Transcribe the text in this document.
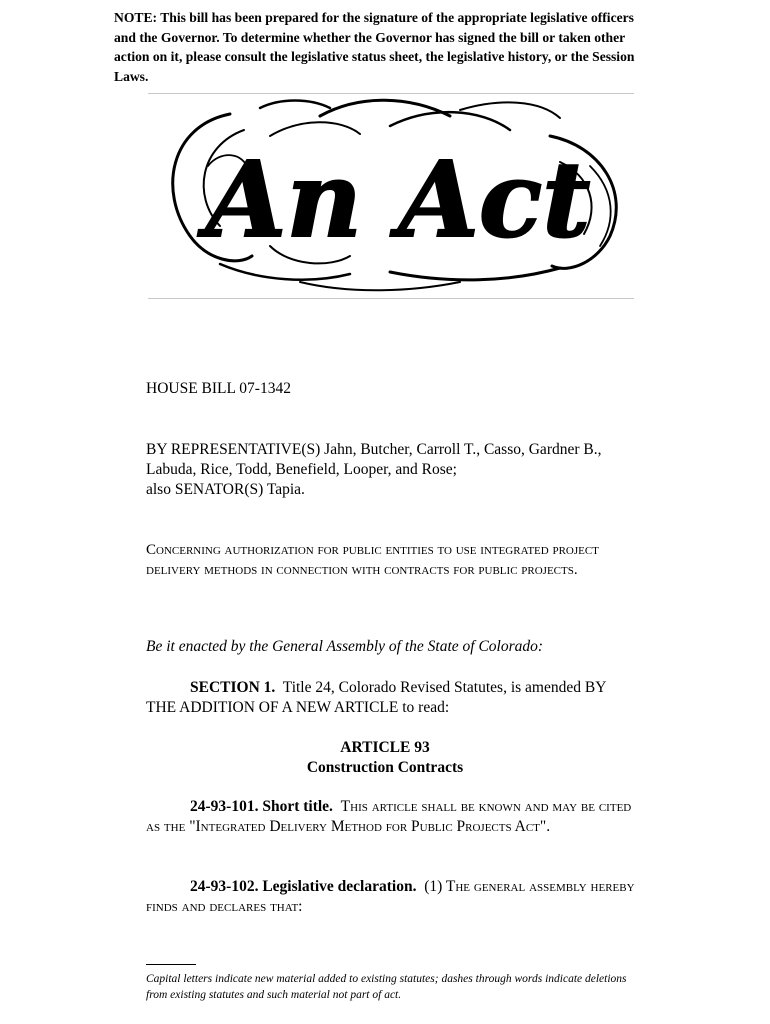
NOTE: This bill has been prepared for the signature of the appropriate legislative officers and the Governor. To determine whether the Governor has signed the bill or taken other action on it, please consult the legislative status sheet, the legislative history, or the Session Laws.

An Act

HOUSE BILL 07-1342

BY REPRESENTATIVE(S) Jahn, Butcher, Carroll T., Casso, Gardner B.,
Labuda, Rice, Todd, Benefield, Looper, and Rose;
also SENATOR(S) Tapia.

Concerning authorization for public entities to use integrated project delivery methods in connection with contracts for public projects.

Be it enacted by the General Assembly of the State of Colorado:

SECTION 1. Title 24, Colorado Revised Statutes, is amended BY THE ADDITION OF A NEW ARTICLE to read:

ARTICLE 93
Construction Contracts

24-93-101. Short title. This article shall be known and may be cited as the "Integrated Delivery Method for Public Projects Act".

24-93-102. Legislative declaration. (1) The general assembly hereby finds and declares that:

Capital letters indicate new material added to existing statutes; dashes through words indicate deletions from existing statutes and such material not part of act.
